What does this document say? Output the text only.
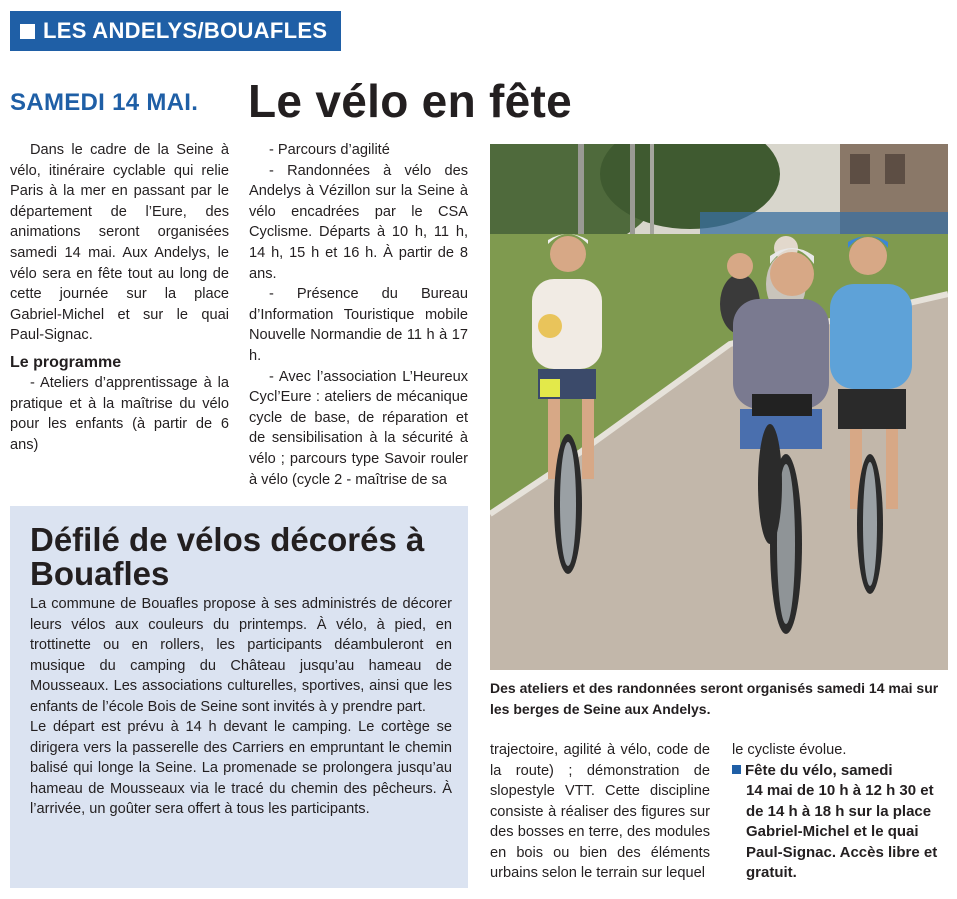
LES ANDELYS/BOUAFLES
SAMEDI 14 MAI. Le vélo en fête

Dans le cadre de la Seine à vélo, itinéraire cyclable qui relie Paris à la mer en passant par le département de l’Eure, des animations seront organisées samedi 14 mai. Aux Andelys, le vélo sera en fête tout au long de cette journée sur la place Gabriel-Michel et sur le quai Paul-Signac.

Le programme

- Ateliers d’apprentissage à la pratique et à la maîtrise du vélo pour les enfants (à partir de 6 ans)

- Parcours d’agilité

- Randonnées à vélo des Andelys à Vézillon sur la Seine à vélo encadrées par le CSA Cyclisme. Départs à 10 h, 11 h, 14 h, 15 h et 16 h. À partir de 8 ans.

- Présence du Bureau d’Information Touristique mobile Nouvelle Normandie de 11 h à 17 h.

- Avec l’association L’Heureux Cycl’Eure : ateliers de mécanique cycle de base, de réparation et de sensibilisation à la sécurité à vélo ; parcours type Savoir rouler à vélo (cycle 2 - maîtrise de sa

Des ateliers et des randonnées seront organisés samedi 14 mai sur les berges de Seine aux Andelys.
Défilé de vélos décorés à Bouafles

La commune de Bouafles propose à ses administrés de décorer leurs vélos aux couleurs du printemps. À vélo, à pied, en trottinette ou en rollers, les participants déambuleront en musique du camping du Château jusqu’au hameau de Mousseaux. Les associations culturelles, sportives, ainsi que les enfants de l’école Bois de Seine sont invités à y prendre part.

Le départ est prévu à 14 h devant le camping. Le cortège se dirigera vers la passerelle des Carriers en empruntant le chemin balisé qui longe la Seine. La promenade se prolongera jusqu’au hameau de Mousseaux via le tracé du chemin des pêcheurs. À l’arrivée, un goûter sera offert à tous les participants.

trajectoire, agilité à vélo, code de la route) ; démonstration de slopestyle VTT. Cette discipline consiste à réaliser des figures sur des bosses en terre, des modules en bois ou bien des éléments urbains selon le terrain sur lequel

le cycliste évolue.

Fête du vélo, samedi
14 mai de 10 h à 12 h 30 et de 14 h à 18 h sur la place Gabriel-Michel et le quai Paul-Signac. Accès libre et gratuit.
